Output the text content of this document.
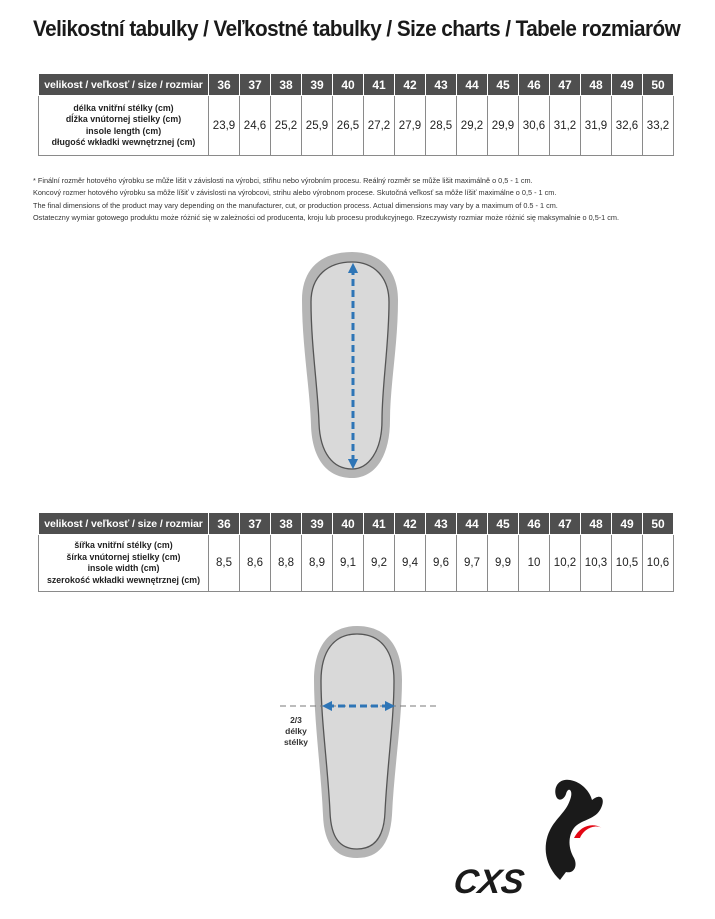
Velikostní tabulky / Veľkostné tabulky / Size charts / Tabele rozmiarów
velikost / veľkosť / size / rozmiar	36	37	38	39	40	41	42	43	44	45	46	47	48	49	50

délka vnitřní stélky (cm)
dĺžka vnútornej stielky (cm)
insole length (cm)
długość wkładki wewnętrznej (cm)	23,9	24,6	25,2	25,9	26,5	27,2	27,9	28,5	29,2	29,9	30,6	31,2	31,9	32,6	33,2
* Finální rozměr hotového výrobku se může lišit v závislosti na výrobci, střihu nebo výrobním procesu. Reálný rozměr se může lišit maximálně o 0,5 - 1 cm.
Koncový rozmer hotového výrobku sa môže líšiť v závislosti na výrobcovi, strihu alebo výrobnom procese. Skutočná veľkosť sa môže líšiť maximálne o 0,5 - 1 cm.
The final dimensions of the product may vary depending on the manufacturer, cut, or production process. Actual dimensions may vary by a maximum of 0.5 - 1 cm.
Ostateczny wymiar gotowego produktu może różnić się w zależności od producenta, kroju lub procesu produkcyjnego. Rzeczywisty rozmiar może różnić się maksymalnie o 0,5-1 cm.
velikost / veľkosť / size / rozmiar	36	37	38	39	40	41	42	43	44	45	46	47	48	49	50

šířka vnitřní stélky (cm)
šírka vnútornej stielky (cm)
insole width (cm)
szerokość wkładki wewnętrznej (cm)	8,5	8,6	8,8	8,9	9,1	9,2	9,4	9,6	9,7	9,9	10	10,2	10,3	10,5	10,6
CXS
2/3
délky
stélky
